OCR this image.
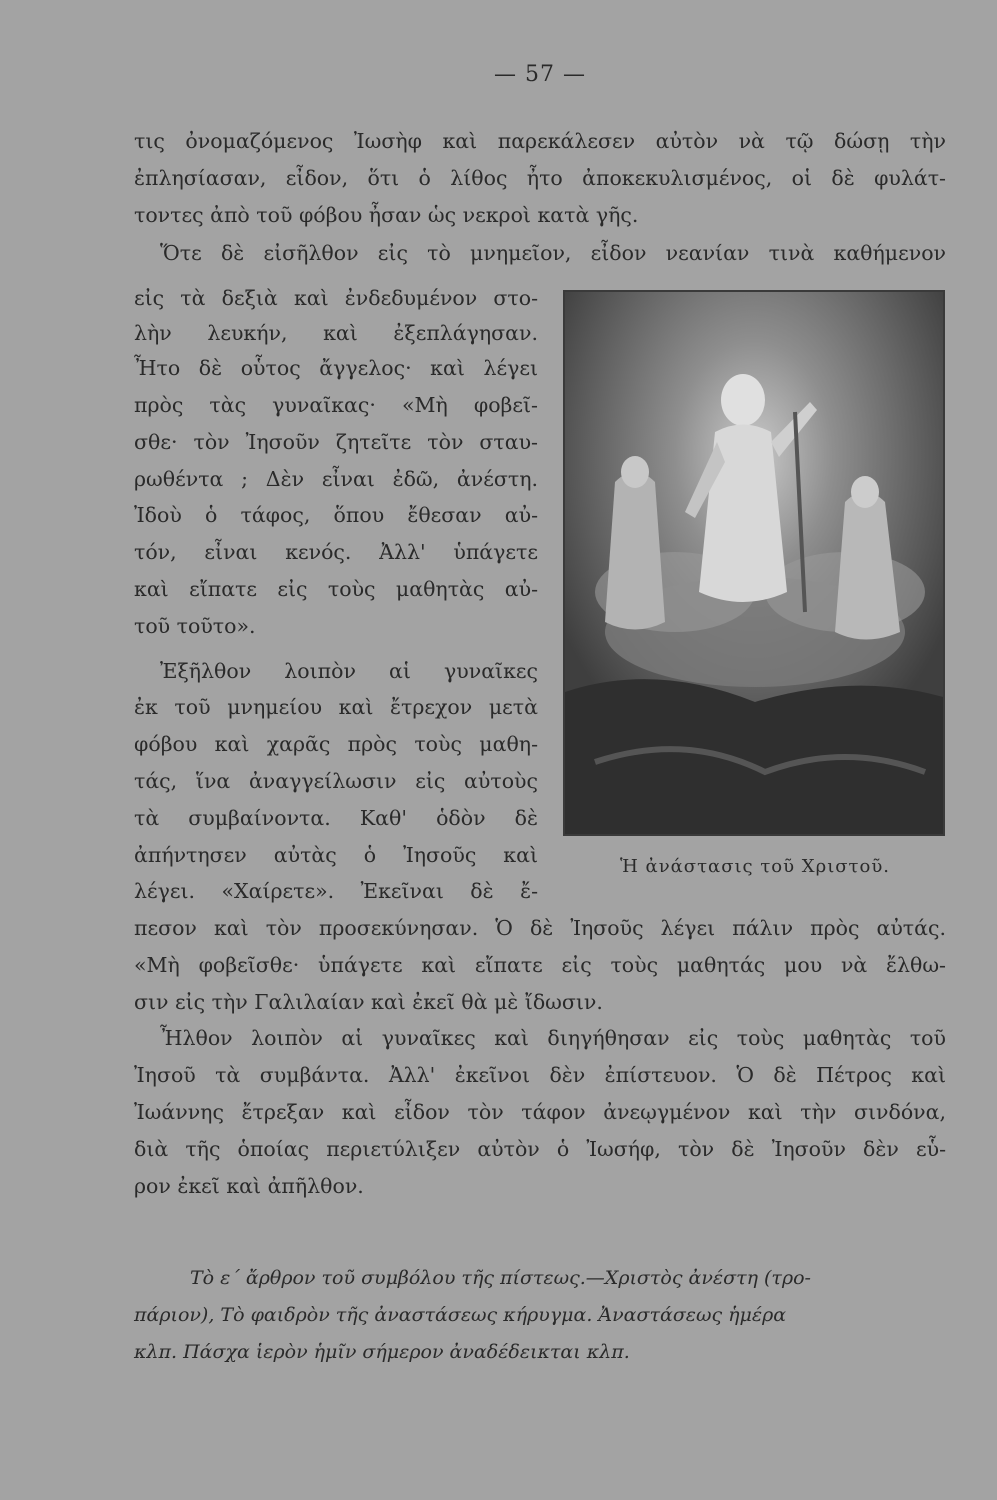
— 57 —
τις ὀνομαζόμενος Ἰωσὴφ καὶ παρεκάλεσεν αὐτὸν νὰ τῷ δώσῃ τὴν
ἐπλησίασαν, εἶδον, ὅτι ὁ λίθος ἦτο ἀποκεκυλισμένος, οἱ δὲ φυλάτ-
τοντες ἀπὸ τοῦ φόβου ἦσαν ὡς νεκροὶ κατὰ γῆς.
Ὅτε δὲ εἰσῆλθον εἰς τὸ μνημεῖον, εἶδον νεανίαν τινὰ καθήμενον
εἰς τὰ δεξιὰ καὶ ἐνδεδυμένον στο-
λὴν λευκήν, καὶ ἐξεπλάγησαν.
Ἦτο δὲ οὗτος ἄγγελος· καὶ λέγει
πρὸς τὰς γυναῖκας· «Μὴ φοβεῖ-
σθε· τὸν Ἰησοῦν ζητεῖτε τὸν σταυ-
ρωθέντα ; Δὲν εἶναι ἐδῶ, ἀνέστη.
Ἰδοὺ ὁ τάφος, ὅπου ἔθεσαν αὐ-
τόν, εἶναι κενός. Ἀλλ' ὑπάγετε
καὶ εἴπατε εἰς τοὺς μαθητὰς αὐ-
τοῦ τοῦτο».
Ἐξῆλθον λοιπὸν αἱ γυναῖκες
ἐκ τοῦ μνημείου καὶ ἔτρεχον μετὰ
φόβου καὶ χαρᾶς πρὸς τοὺς μαθη-
τάς, ἵνα ἀναγγείλωσιν εἰς αὐτοὺς
τὰ συμβαίνοντα. Καθ' ὁδὸν δὲ
ἀπήντησεν αὐτὰς ὁ Ἰησοῦς καὶ
λέγει. «Χαίρετε». Ἐκεῖναι δὲ ἔ-
Ἡ ἀνάστασις τοῦ Χριστοῦ.
πεσον καὶ τὸν προσεκύνησαν. Ὁ δὲ Ἰησοῦς λέγει πάλιν πρὸς αὐτάς.
«Μὴ φοβεῖσθε· ὑπάγετε καὶ εἴπατε εἰς τοὺς μαθητάς μου νὰ ἔλθω-
σιν εἰς τὴν Γαλιλαίαν καὶ ἐκεῖ θὰ μὲ ἴδωσιν.
Ἦλθον λοιπὸν αἱ γυναῖκες καὶ διηγήθησαν εἰς τοὺς μαθητὰς τοῦ
Ἰησοῦ τὰ συμβάντα. Ἀλλ' ἐκεῖνοι δὲν ἐπίστευον. Ὁ δὲ Πέτρος καὶ
Ἰωάννης ἔτρεξαν καὶ εἶδον τὸν τάφον ἀνεῳγμένον καὶ τὴν σινδόνα,
διὰ τῆς ὁποίας περιετύλιξεν αὐτὸν ὁ Ἰωσήφ, τὸν δὲ Ἰησοῦν δὲν εὗ-
ρον ἐκεῖ καὶ ἀπῆλθον.
Τὸ ε΄ ἄρθρον τοῦ συμβόλου τῆς πίστεως.—Χριστὸς ἀνέστη (τρο-
πάριον), Τὸ φαιδρὸν τῆς ἀναστάσεως κήρυγμα. Ἀναστάσεως ἡμέρα
κλπ. Πάσχα ἱερὸν ἡμῖν σήμερον ἀναδέδεικται κλπ.
